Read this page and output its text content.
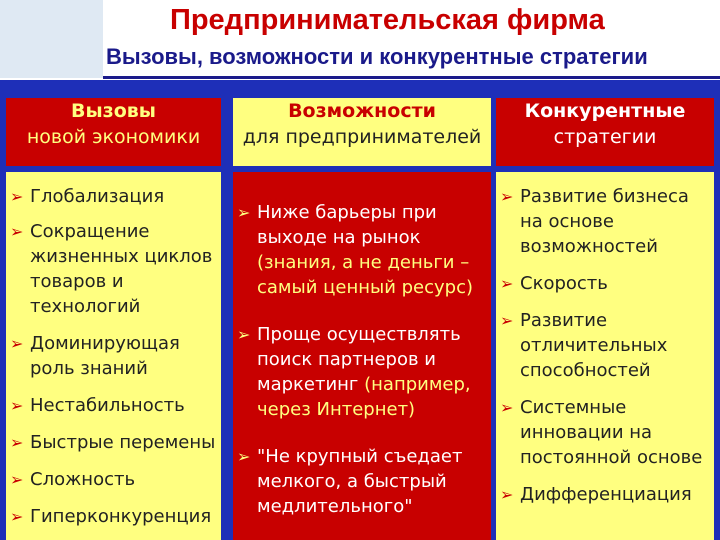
Предпринимательская фирма
Вызовы, возможности и конкурентные стратегии
Вызовы
новой экономики
Возможности
для предпринимателей
Конкурентные
стратегии
➢ Глобализация
➢ Сокращение жизненных циклов товаров и технологий
➢ Доминирующая роль знаний
➢ Нестабильность
➢ Быстрые перемены
➢ Сложность
➢ Гиперконкуренция
➢ Ниже барьеры при выходе на рынок (знания, а не деньги – самый ценный ресурс)
➢ Проще осуществлять поиск партнеров и маркетинг (например, через Интернет)
➢ "Не крупный съедает мелкого, а быстрый медлительного"
➢ Развитие бизнеса на основе возможностей
➢ Скорость
➢ Развитие отличительных способностей
➢ Системные инновации на постоянной основе
➢ Дифференциация
